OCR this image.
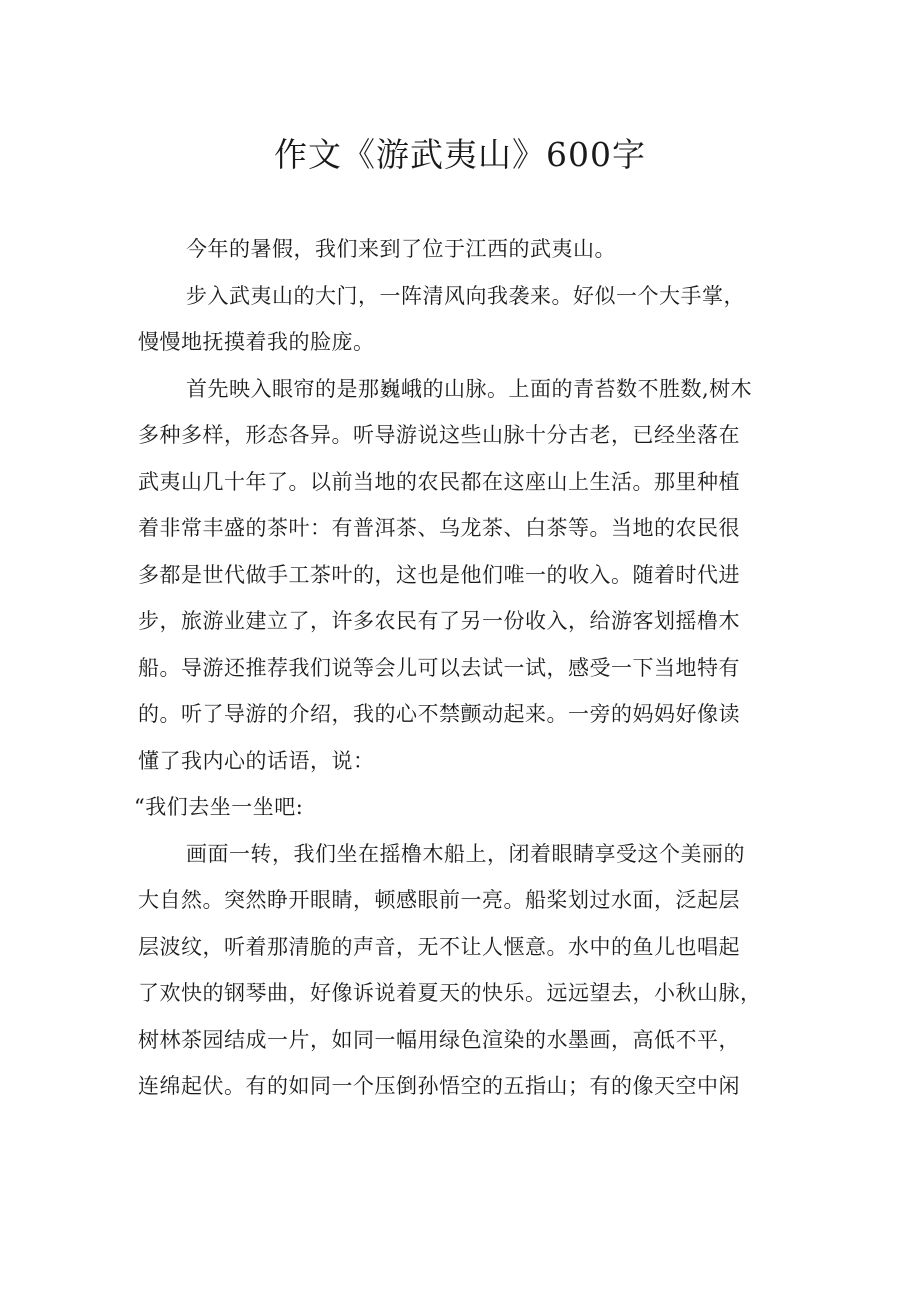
作文《游武夷山》600字
今年的暑假，我们来到了位于江西的武夷山。
步入武夷山的大门，一阵清风向我袭来。好似一个大手掌，
慢慢地抚摸着我的脸庞。
首先映入眼帘的是那巍峨的山脉。上面的青苔数不胜数,树木
多种多样，形态各异。听导游说这些山脉十分古老，已经坐落在
武夷山几十年了。以前当地的农民都在这座山上生活。那里种植
着非常丰盛的茶叶：有普洱茶、乌龙茶、白茶等。当地的农民很
多都是世代做手工茶叶的，这也是他们唯一的收入。随着时代进
步，旅游业建立了，许多农民有了另一份收入，给游客划摇橹木
船。导游还推荐我们说等会儿可以去试一试，感受一下当地特有
的。听了导游的介绍，我的心不禁颤动起来。一旁的妈妈好像读
懂了我内心的话语，说：
“我们去坐一坐吧:
画面一转，我们坐在摇橹木船上，闭着眼睛享受这个美丽的
大自然。突然睁开眼睛，顿感眼前一亮。船桨划过水面，泛起层
层波纹，听着那清脆的声音，无不让人惬意。水中的鱼儿也唱起
了欢快的钢琴曲，好像诉说着夏天的快乐。远远望去，小秋山脉，
树林茶园结成一片，如同一幅用绿色渲染的水墨画，高低不平，
连绵起伏。有的如同一个压倒孙悟空的五指山；有的像天空中闲
